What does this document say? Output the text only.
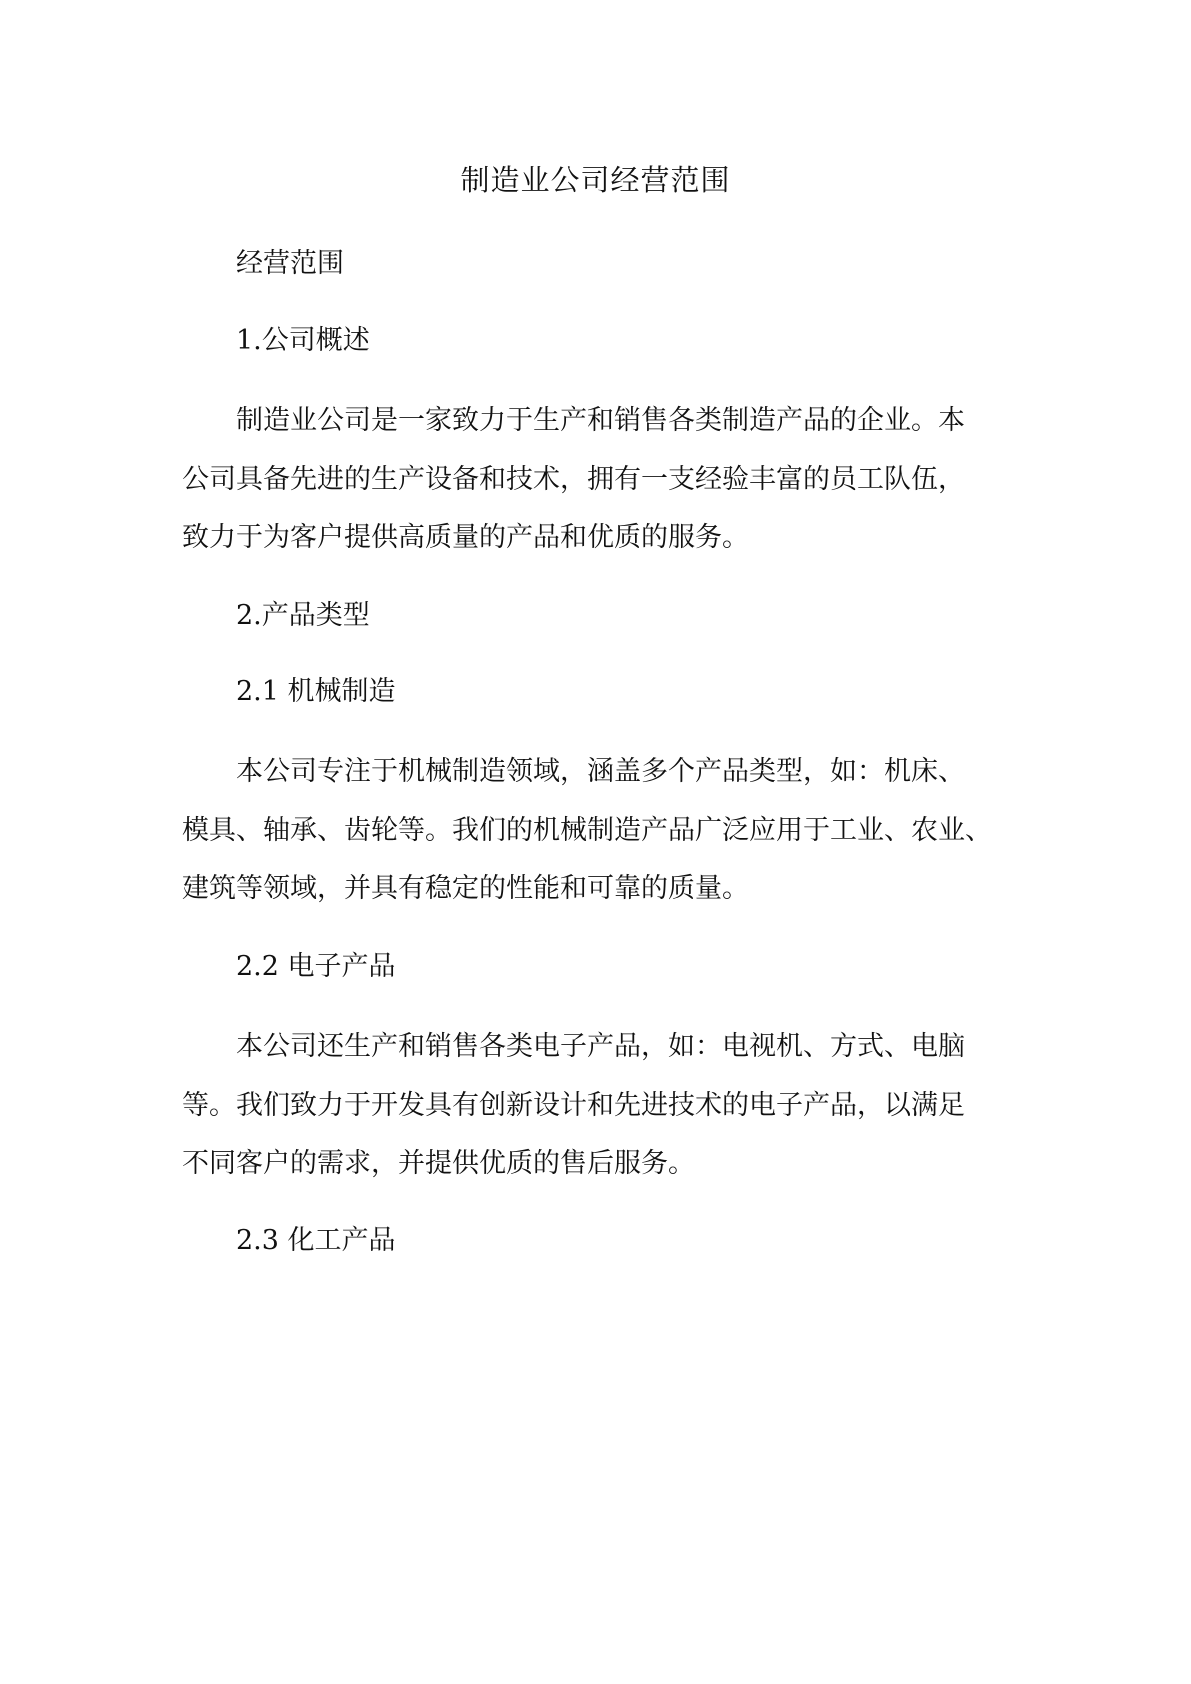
制造业公司经营范围
经营范围
1.公司概述
制造业公司是一家致力于生产和销售各类制造产品的企业。本
公司具备先进的生产设备和技术，拥有一支经验丰富的员工队伍，
致力于为客户提供高质量的产品和优质的服务。
2.产品类型
2.1 机械制造
本公司专注于机械制造领域，涵盖多个产品类型，如：机床、
模具、轴承、齿轮等。我们的机械制造产品广泛应用于工业、农业、
建筑等领域，并具有稳定的性能和可靠的质量。
2.2 电子产品
本公司还生产和销售各类电子产品，如：电视机、方式、电脑
等。我们致力于开发具有创新设计和先进技术的电子产品，以满足
不同客户的需求，并提供优质的售后服务。
2.3 化工产品
